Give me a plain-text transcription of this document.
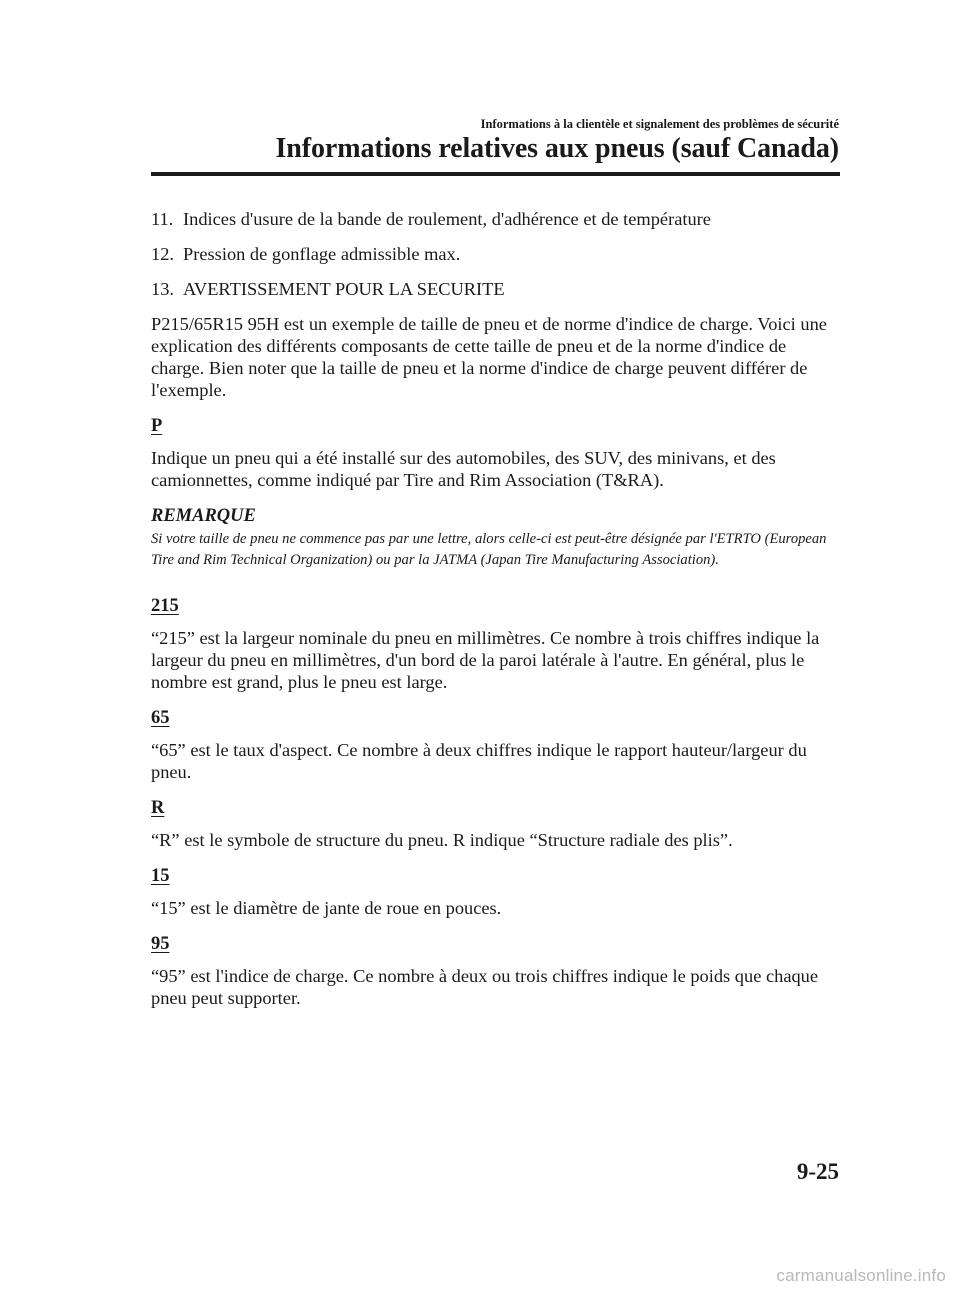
Informations à la clientèle et signalement des problèmes de sécurité
Informations relatives aux pneus (sauf Canada)
11. Indices d'usure de la bande de roulement, d'adhérence et de température
12. Pression de gonflage admissible max.
13. AVERTISSEMENT POUR LA SECURITE

P215/65R15 95H est un exemple de taille de pneu et de norme d'indice de charge. Voici une explication des différents composants de cette taille de pneu et de la norme d'indice de charge. Bien noter que la taille de pneu et la norme d'indice de charge peuvent différer de l'exemple.

P

Indique un pneu qui a été installé sur des automobiles, des SUV, des minivans, et des camionnettes, comme indiqué par Tire and Rim Association (T&RA).

REMARQUE
Si votre taille de pneu ne commence pas par une lettre, alors celle-ci est peut-être désignée par l'ETRTO (European Tire and Rim Technical Organization) ou par la JATMA (Japan Tire Manufacturing Association).
215

“215” est la largeur nominale du pneu en millimètres. Ce nombre à trois chiffres indique la largeur du pneu en millimètres, d'un bord de la paroi latérale à l'autre. En général, plus le nombre est grand, plus le pneu est large.

65

“65” est le taux d'aspect. Ce nombre à deux chiffres indique le rapport hauteur/largeur du pneu.

R

“R” est le symbole de structure du pneu. R indique “Structure radiale des plis”.

15

“15” est le diamètre de jante de roue en pouces.

95

“95” est l'indice de charge. Ce nombre à deux ou trois chiffres indique le poids que chaque pneu peut supporter.

9-25
carmanualsonline.info
